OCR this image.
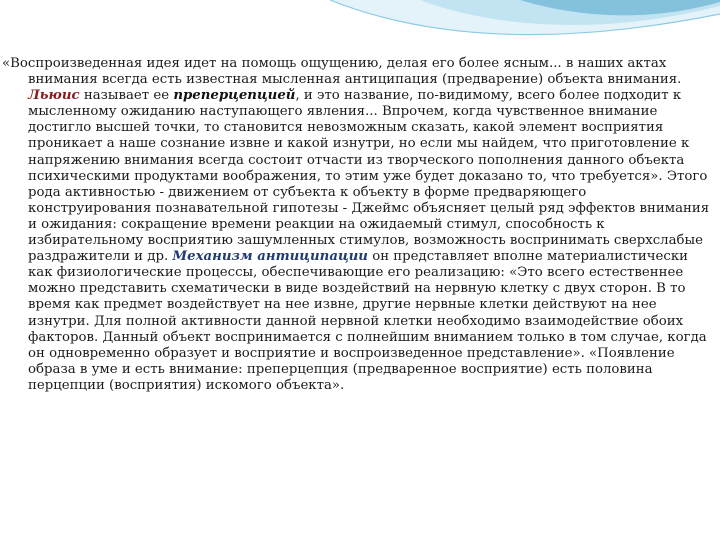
«Воспроизведенная идея идет на помощь ощущению, делая его более ясным... в наших актах внимания всегда есть известная мысленная антиципация (предварение) объекта внимания. Льюис называет ее преперцепцией, и это название, по-видимому, всего более подходит к мысленному ожиданию наступающего явления... Впрочем, когда чувственное внимание достигло высшей точки, то становится невозможным сказать, какой элемент восприятия проникает а наше сознание извне и какой изнутри, но если мы найдем, что приготовление к напряжению внимания всегда состоит отчасти из творческого пополнения данного объекта психическими продуктами воображения, то этим уже будет доказано то, что требуется». Этого рода активностью - движением от субъекта к объекту в форме предваряющего конструирования познавательной гипотезы - Джеймс объясняет целый ряд эффектов внимания и ожидания: сокращение времени реакции на ожидаемый стимул, способность к избирательному восприятию зашумленных стимулов, возможность воспринимать сверхслабые раздражители и др. Механизм антиципации он представляет вполне материалистически как физиологические процессы, обеспечивающие его реализацию: «Это всего естественнее можно представить схематически в виде воздействий на нервную клетку с двух сторон. В то время как предмет воздействует на нее извне, другие нервные клетки действуют на нее изнутри. Для полной активности данной нервной клетки необходимо взаимодействие обоих факторов. Данный объект воспринимается с полнейшим вниманием только в том случае, когда он одновременно образует и восприятие и воспроизведенное представление». «Появление образа в уме и есть внимание: преперцепция (предваренное восприятие) есть половина перцепции (восприятия) искомого объекта».
